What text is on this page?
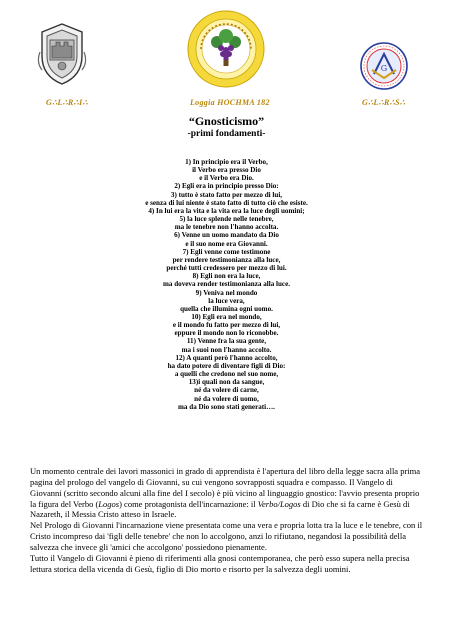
G
G∴L∴R∴I∴	Loggia HOCHMA 182	G∴L∴R∴S∴
“Gnosticismo”
-primi fondamenti-
1) In principio era il Verbo,
il Verbo era presso Dio
e il Verbo era Dio.
2) Egli era in principio presso Dio:
3) tutto è stato fatto per mezzo di lui,
e senza di lui niente è stato fatto di tutto ciò che esiste.
4) In lui era la vita e la vita era la luce degli uomini;
5) la luce splende nelle tenebre,
ma le tenebre non l'hanno accolta.
6) Venne un uomo mandato da Dio
e il suo nome era Giovanni.
7) Egli venne come testimone
per rendere testimonianza alla luce,
perché tutti credessero per mezzo di lui.
8) Egli non era la luce,
ma doveva render testimonianza alla luce.
9) Veniva nel mondo
la luce vera,
quella che illumina ogni uomo.
10) Egli era nel mondo,
e il mondo fu fatto per mezzo di lui,
eppure il mondo non lo riconobbe.
11) Venne fra la sua gente,
ma i suoi non l'hanno accolto.
12) A quanti però l'hanno accolto,
ha dato potere di diventare figli di Dio:
a quelli che credono nel suo nome,
13)i quali non da sangue,
né da volere di carne,
né da volere di uomo,
ma da Dio sono stati generati….

Un momento centrale dei lavori massonici in grado di apprendista è l'apertura del libro della legge sacra alla prima pagina del prologo del vangelo di Giovanni, su cui vengono sovrapposti squadra e compasso. Il Vangelo di Giovanni (scritto secondo alcuni alla fine del I secolo) è più vicino al linguaggio gnostico: l'avvio presenta proprio la figura del Verbo (Logos) come protagonista dell'incarnazione: il Verbo/Logos di Dio che si fa carne è Gesù di Nazareth, il Messia Cristo atteso in Israele.

Nel Prologo di Giovanni l'incarnazione viene presentata come una vera e propria lotta tra la luce e le tenebre, con il Cristo incompreso dai 'figli delle tenebre' che non lo accolgono, anzi lo rifiutano, negandosi la possibilità della salvezza che invece gli 'amici che accolgono' possiedono pienamente.

Tutto il Vangelo di Giovanni è pieno di riferimenti alla gnosi contemporanea, che però esso supera nella precisa lettura storica della vicenda di Gesù, figlio di Dio morto e risorto per la salvezza degli uomini.
